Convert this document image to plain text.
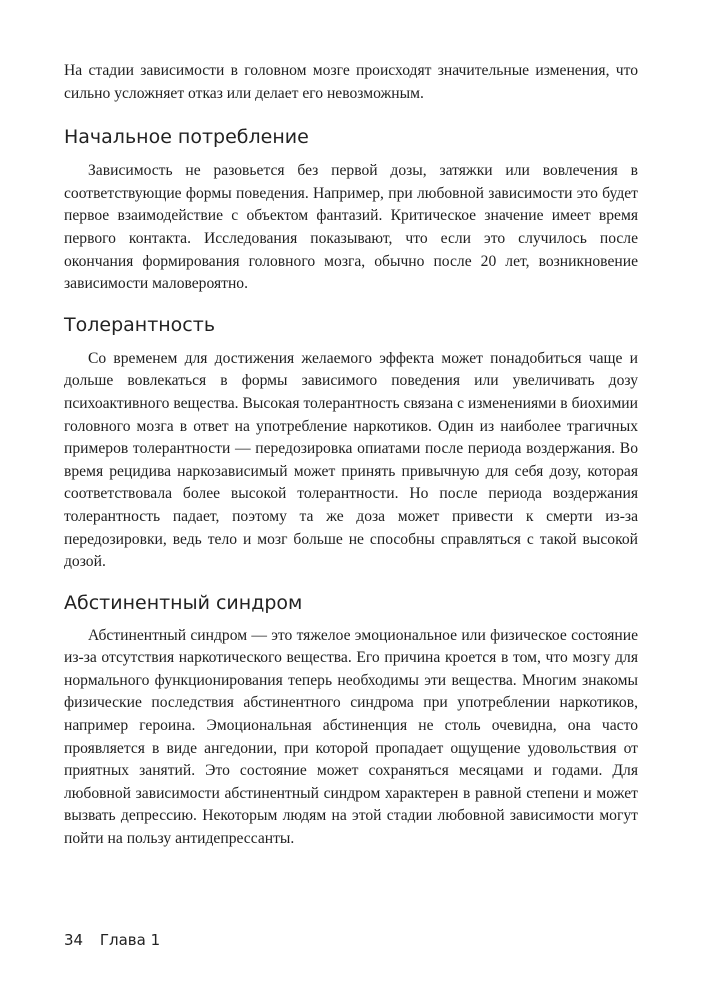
На стадии зависимости в головном мозге происходят значительные изменения, что сильно усложняет отказ или делает его невозможным.

Начальное потребление

Зависимость не разовьется без первой дозы, затяжки или вовлечения в соответствующие формы поведения. Например, при любовной зависимости это будет первое взаимодействие с объектом фантазий. Критическое значение имеет время первого контакта. Исследования показывают, что если это случилось после окончания формирования головного мозга, обычно после 20 лет, возникновение зависимости маловероятно.

Толерантность

Со временем для достижения желаемого эффекта может понадобиться чаще и дольше вовлекаться в формы зависимого поведения или увеличивать дозу психоактивного вещества. Высокая толерантность связана с изменениями в биохимии головного мозга в ответ на употребление наркотиков. Один из наиболее трагичных примеров толерантности — передозировка опиатами после периода воздержания. Во время рецидива наркозависимый может принять привычную для себя дозу, которая соответствовала более высокой толерантности. Но после периода воздержания толерантность падает, поэтому та же доза может привести к смерти из-за передозировки, ведь тело и мозг больше не способны справляться с такой высокой дозой.

Абстинентный синдром

Абстинентный синдром — это тяжелое эмоциональное или физическое состояние из-за отсутствия наркотического вещества. Его причина кроется в том, что мозгу для нормального функционирования теперь необходимы эти вещества. Многим знакомы физические последствия абстинентного синдрома при употреблении наркотиков, например героина. Эмоциональная абстиненция не столь очевидна, она часто проявляется в виде ангедонии, при которой пропадает ощущение удовольствия от приятных занятий. Это состояние может сохраняться месяцами и годами. Для любовной зависимости абстинентный синдром характерен в равной степени и может вызвать депрессию. Некоторым людям на этой стадии любовной зависимости могут пойти на пользу антидепрессанты.

34 Глава 1
